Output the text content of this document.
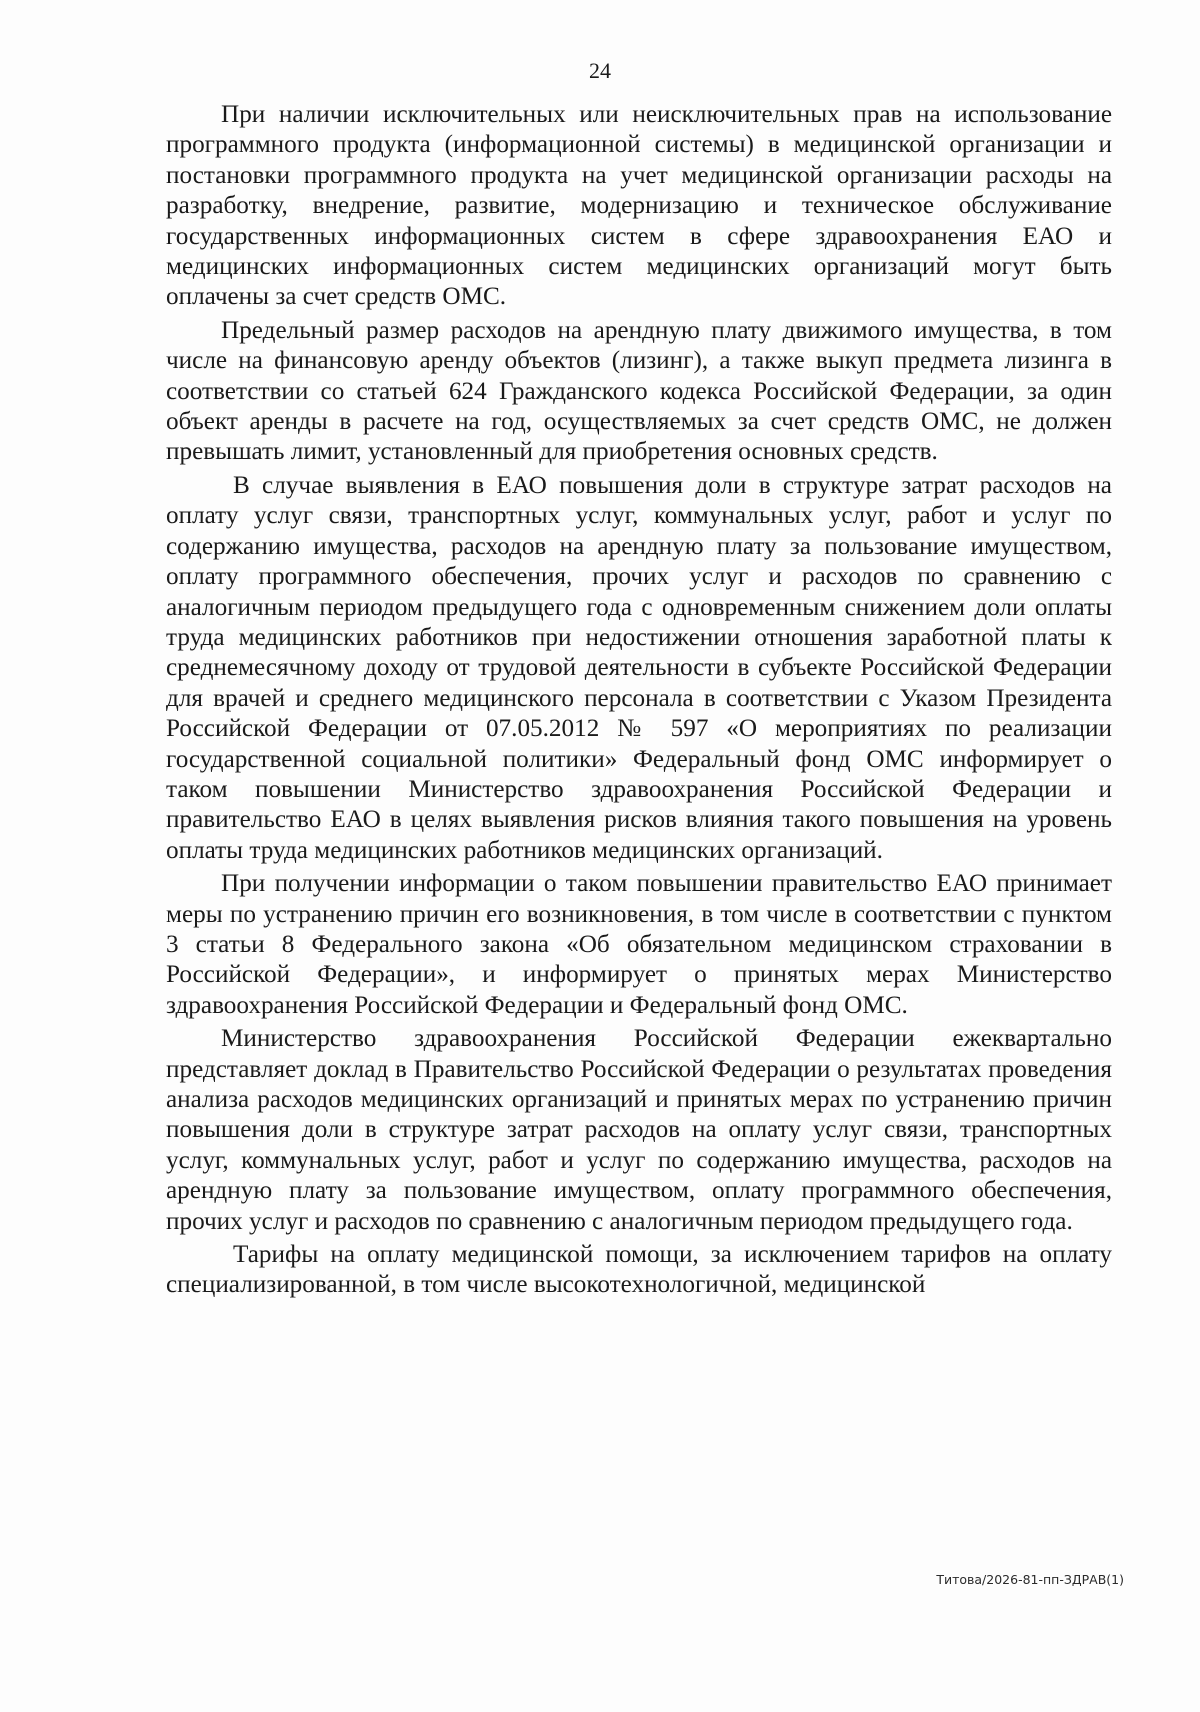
24

При наличии исключительных или неисключительных прав на использование программного продукта (информационной системы) в медицинской организации и постановки программного продукта на учет медицинской организации расходы на разработку, внедрение, развитие, модернизацию и техническое обслуживание государственных информационных систем в сфере здравоохранения ЕАО и медицинских информационных систем медицинских организаций могут быть оплачены за счет средств ОМС.

Предельный размер расходов на арендную плату движимого имущества, в том числе на финансовую аренду объектов (лизинг), а также выкуп предмета лизинга в соответствии со статьей 624 Гражданского кодекса Российской Федерации, за один объект аренды в расчете на год, осуществляемых за счет средств ОМС, не должен превышать лимит, установленный для приобретения основных средств.

В случае выявления в ЕАО повышения доли в структуре затрат расходов на оплату услуг связи, транспортных услуг, коммунальных услуг, работ и услуг по содержанию имущества, расходов на арендную плату за пользование имуществом, оплату программного обеспечения, прочих услуг и расходов по сравнению с аналогичным периодом предыдущего года с одновременным снижением доли оплаты труда медицинских работников при недостижении отношения заработной платы к среднемесячному доходу от трудовой деятельности в субъекте Российской Федерации для врачей и среднего медицинского персонала в соответствии с Указом Президента Российской Федерации от 07.05.2012 № 597 «О мероприятиях по реализации государственной социальной политики» Федеральный фонд ОМС информирует о таком повышении Министерство здравоохранения Российской Федерации и правительство ЕАО в целях выявления рисков влияния такого повышения на уровень оплаты труда медицинских работников медицинских организаций.

При получении информации о таком повышении правительство ЕАО принимает меры по устранению причин его возникновения, в том числе в соответствии с пунктом 3 статьи 8 Федерального закона «Об обязательном медицинском страховании в Российской Федерации», и информирует о принятых мерах Министерство здравоохранения Российской Федерации и Федеральный фонд ОМС.

Министерство здравоохранения Российской Федерации ежеквартально представляет доклад в Правительство Российской Федерации о результатах проведения анализа расходов медицинских организаций и принятых мерах по устранению причин повышения доли в структуре затрат расходов на оплату услуг связи, транспортных услуг, коммунальных услуг, работ и услуг по содержанию имущества, расходов на арендную плату за пользование имуществом, оплату программного обеспечения, прочих услуг и расходов по сравнению с аналогичным периодом предыдущего года.

Тарифы на оплату медицинской помощи, за исключением тарифов на оплату специализированной, в том числе высокотехнологичной, медицинской

Титова/2026-81-пп-ЗДРАВ(1)
